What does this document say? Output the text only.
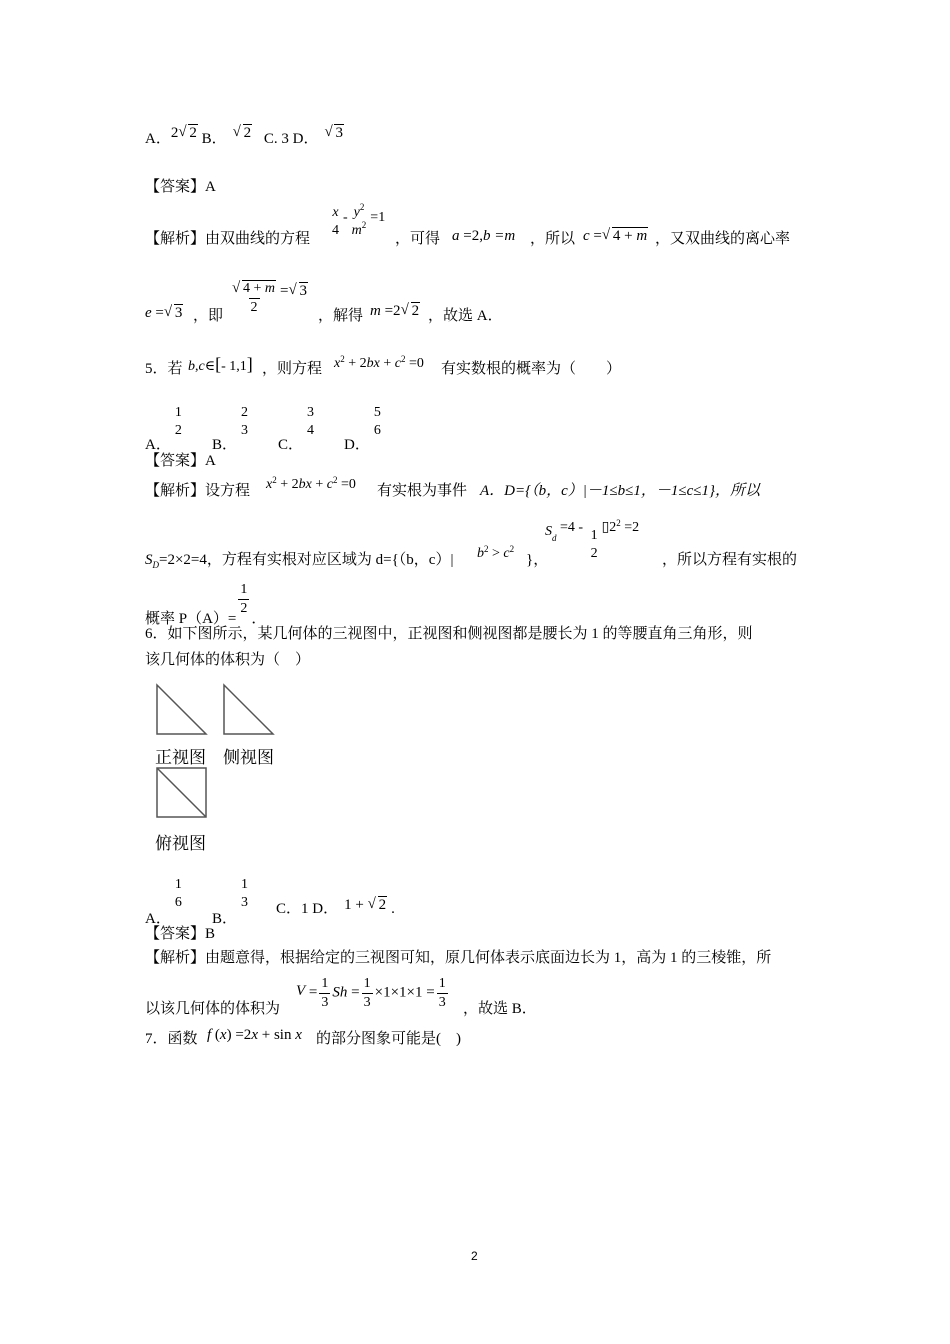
A．2 √ 2 B． √ 2 C. 3 D． √ 3
【答案】A
【解析】由双曲线的方程
x
4
- $y^2$
$m^2 =1$
，可得 a =2,b =m ，所以 c = √ 4 + m ，又双曲线的离心率
e = √ 3 ，即 √ $\frac{4 + m}{2}$ = √ 3
，解得 m =2 √ 2 ，故选 A．
5．若 b,c∈[- 1,1] ，则方程 $x^2 + 2bx + c^2 =0$ 有实数根的概率为（　　）
A．
1
2
B．
2
3
C．
3
4
D．
5
6
【答案】A
【解析】设方程 $x^2 + 2bx + c^2 =0$ 有实根为事件 A．D={（b，c）|－1≤b≤1，－1≤c≤1}，所以
$S_D=2\times 2=4$，方程有实根对应区域为 d={（b，c）| $b^2 > c^2$
}，
$S_d =4$ -
1
2
$▯2^2 =2$
，所以方程有实根的
概率 P（A）=
$\frac{1}{2}$
．
6．如下图所示，某几何体的三视图中，正视图和侧视图都是腰长为 1 的等腰直角三角形，则
该几何体的体积为（　）
正视图 侧视图
俯视图
A．
1
6
B．
1
3 C．1 D． 1 + √ 2 .
【答案】B
【解析】由题意得，根据给定的三视图可知，原几何体表示底面边长为 1，高为 1 的三棱锥，所
以该几何体的体积为
$V = \frac{1}{3}$ $Sh = \frac{1}{3} \times 1\times 1\times 1 = \frac{1}{3}$ ，故选 B．
7．函数 f (x) =2x + sin x 的部分图象可能是(　)
2
